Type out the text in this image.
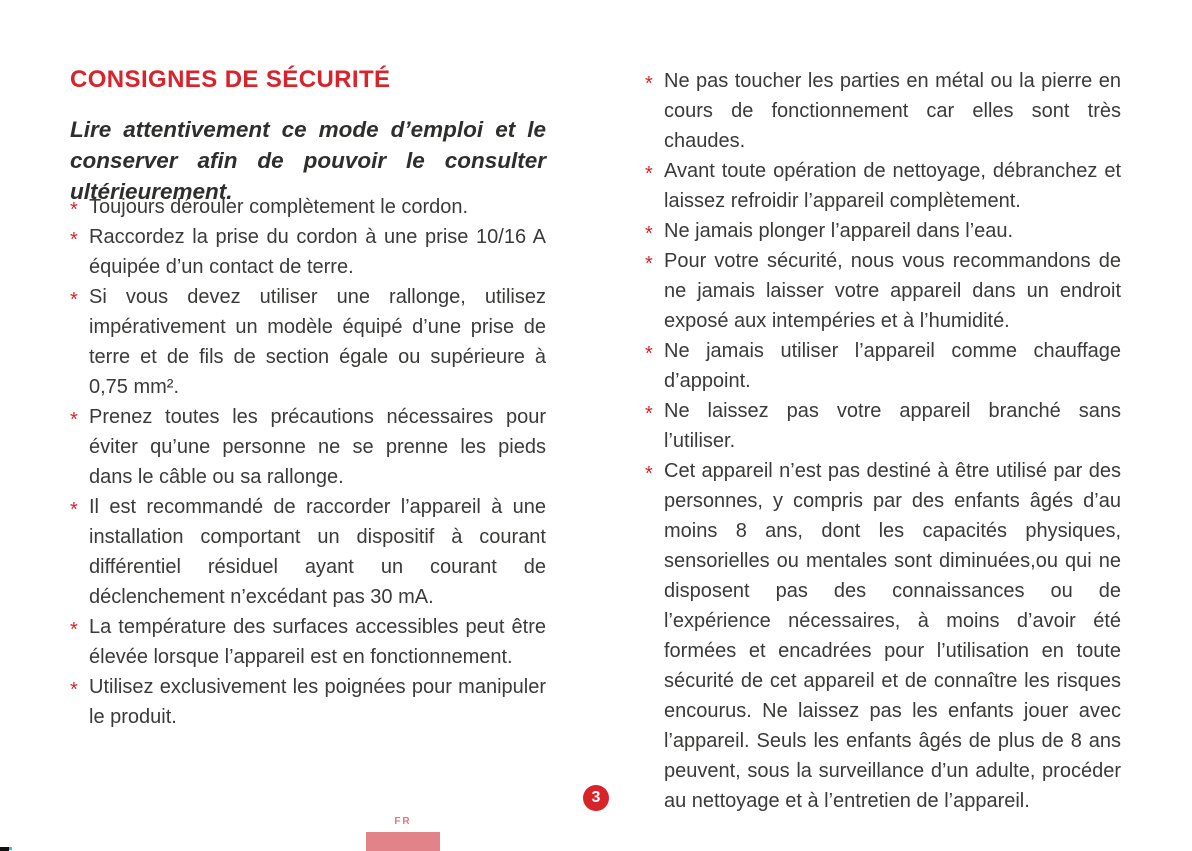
CONSIGNES DE SÉCURITÉ

Lire attentivement ce mode d’emploi et le conserver afin de pouvoir le consulter ultérieurement.

* Toujours dérouler complètement le cordon.
* Raccordez la prise du cordon à une prise 10/16 A équipée d’un contact de terre.
* Si vous devez utiliser une rallonge, utilisez impérativement un modèle équipé d’une prise de terre et de fils de section égale ou supérieure à 0,75 mm².
* Prenez toutes les précautions nécessaires pour éviter qu’une personne ne se prenne les pieds dans le câble ou sa rallonge.
* Il est recommandé de raccorder l’appareil à une installation comportant un dispositif à courant différentiel résiduel ayant un courant de déclenchement n’excédant pas 30 mA.
* La température des surfaces accessibles peut être élevée lorsque l’appareil est en fonctionnement.
* Utilisez exclusivement les poignées pour manipuler le produit.
* Ne pas toucher les parties en métal ou la pierre en cours de fonctionnement car elles sont très chaudes.
* Avant toute opération de nettoyage, débranchez et laissez refroidir l’appareil complètement.
* Ne jamais plonger l’appareil dans l’eau.
* Pour votre sécurité, nous vous recommandons de ne jamais laisser votre appareil dans un endroit exposé aux intempéries et à l’humidité.
* Ne jamais utiliser l’appareil comme chauffage d’appoint.
* Ne laissez pas votre appareil branché sans l’utiliser.
* Cet appareil n’est pas destiné à être utilisé par des personnes, y compris par des enfants âgés d’au moins 8 ans, dont les capacités physiques, sensorielles ou mentales sont diminuées,ou qui ne disposent pas des connaissances ou de l’expérience nécessaires, à moins d’avoir été formées et encadrées pour l’utilisation en toute sécurité de cet appareil et de connaître les risques encourus. Ne laissez pas les enfants jouer avec l’appareil. Seuls les enfants âgés de plus de 8 ans peuvent, sous la surveillance d’un adulte, procéder au nettoyage et à l’entretien de l’appareil.
3
FR
